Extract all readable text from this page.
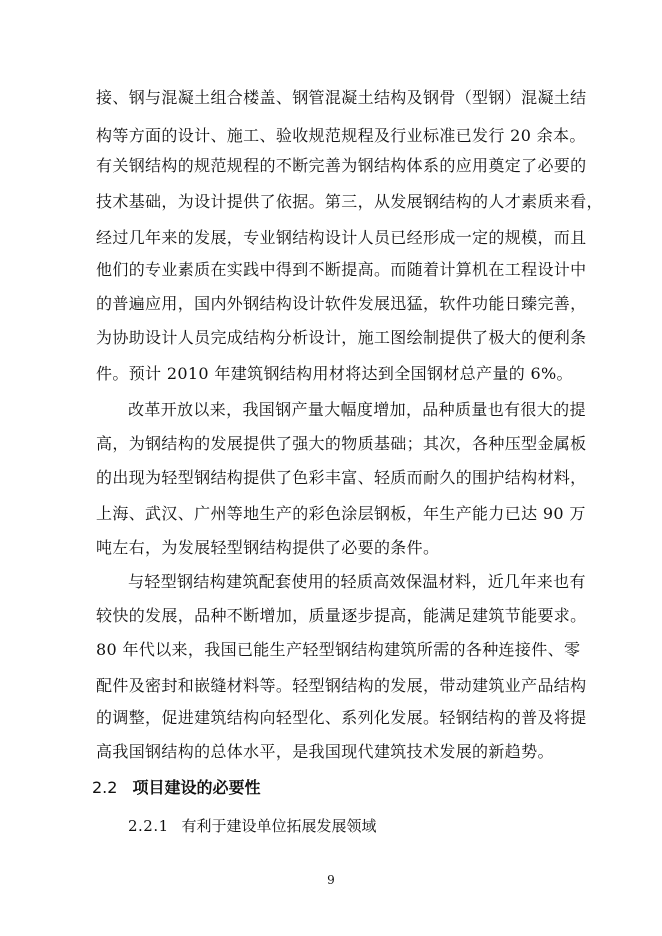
接、钢与混凝土组合楼盖、钢管混凝土结构及钢骨（型钢）混凝土结
构等方面的设计、施工、验收规范规程及行业标准已发行 20 余本。
有关钢结构的规范规程的不断完善为钢结构体系的应用奠定了必要的
技术基础，为设计提供了依据。第三，从发展钢结构的人才素质来看，
经过几年来的发展，专业钢结构设计人员已经形成一定的规模，而且
他们的专业素质在实践中得到不断提高。而随着计算机在工程设计中
的普遍应用，国内外钢结构设计软件发展迅猛，软件功能日臻完善，
为协助设计人员完成结构分析设计，施工图绘制提供了极大的便利条
件。预计 2010 年建筑钢结构用材将达到全国钢材总产量的 6%。
改革开放以来，我国钢产量大幅度增加，品种质量也有很大的提
高，为钢结构的发展提供了强大的物质基础；其次，各种压型金属板
的出现为轻型钢结构提供了色彩丰富、轻质而耐久的围护结构材料，
上海、武汉、广州等地生产的彩色涂层钢板，年生产能力已达 90 万
吨左右，为发展轻型钢结构提供了必要的条件。
与轻型钢结构建筑配套使用的轻质高效保温材料，近几年来也有
较快的发展，品种不断增加，质量逐步提高，能满足建筑节能要求。
80 年代以来，我国已能生产轻型钢结构建筑所需的各种连接件、零
配件及密封和嵌缝材料等。轻型钢结构的发展，带动建筑业产品结构
的调整，促进建筑结构向轻型化、系列化发展。轻钢结构的普及将提
高我国钢结构的总体水平，是我国现代建筑技术发展的新趋势。
2.2 项目建设的必要性
2.2.1 有利于建设单位拓展发展领域
9
